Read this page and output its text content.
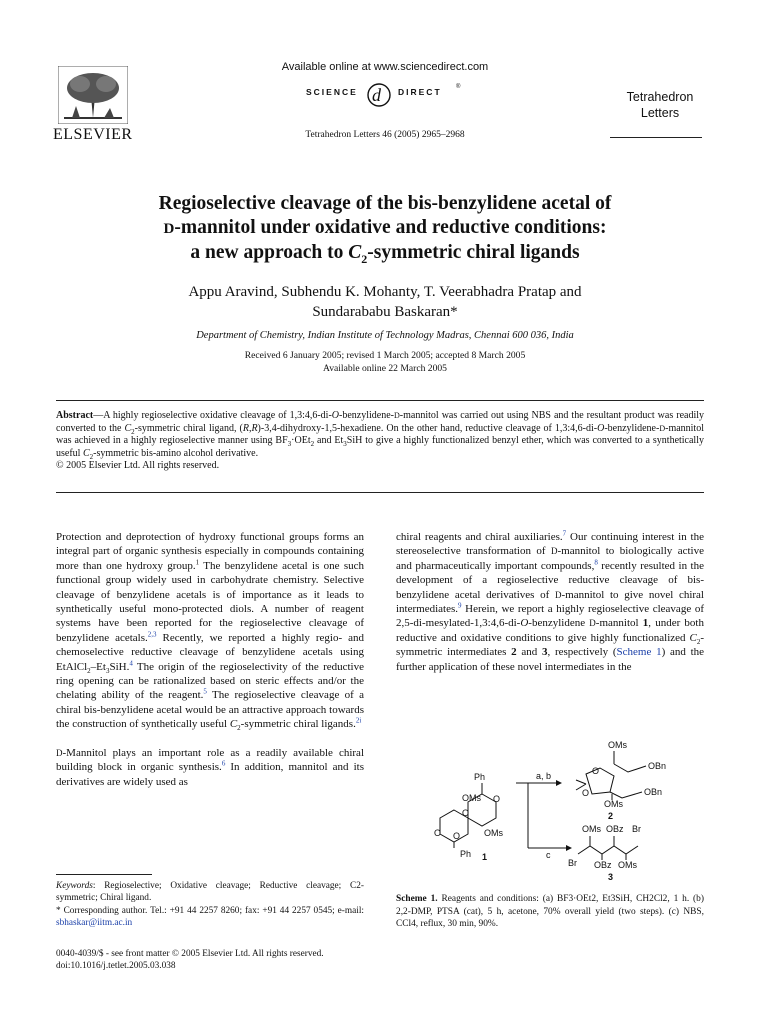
ELSEVIER
Available online at www.sciencedirect.com
SCIENCE d DIRECT ®
Tetrahedron Letters 46 (2005) 2965–2968
Tetrahedron
Letters
Regioselective cleavage of the bis-benzylidene acetal of
D-mannitol under oxidative and reductive conditions:
a new approach to $C_2$-symmetric chiral ligands
Appu Aravind, Subhendu K. Mohanty, T. Veerabhadra Pratap and
Sundarababu Baskaran*
Department of Chemistry, Indian Institute of Technology Madras, Chennai 600 036, India
Received 6 January 2005; revised 1 March 2005; accepted 8 March 2005
Available online 22 March 2005
Abstract—A highly regioselective oxidative cleavage of 1,3:4,6-di-O-benzylidene-D-mannitol was carried out using NBS and the resultant product was readily converted to the $C_2$-symmetric chiral ligand, (R,R)-3,4-dihydroxy-1,5-hexadiene. On the other hand, reductive cleavage of 1,3:4,6-di-O-benzylidene-D-mannitol was achieved in a highly regioselective manner using $BF_3\cdot OEt_2$ and $Et_3SiH$ to give a highly functionalized benzyl ether, which was converted to a synthetically useful $C_2$-symmetric bis-amino alcohol derivative.
© 2005 Elsevier Ltd. All rights reserved.

Protection and deprotection of hydroxy functional groups forms an integral part of organic synthesis especially in compounds containing more than one hydroxy group.$^1$ The benzylidene acetal is one such functional group widely used in carbohydrate chemistry. Selective cleavage of benzylidene acetals is of importance as it leads to synthetically useful mono-protected diols. A number of reagent systems have been reported for the regioselective cleavage of benzylidene acetals.$^{2,3}$ Recently, we reported a highly regio- and chemoselective reductive cleavage of benzylidene acetals using $EtAlCl_2-Et_3SiH.^4$ The origin of the regioselectivity of the reductive ring opening can be rationalized based on steric effects and/or the chelating ability of the reagent.$^5$ The regioselective cleavage of a chiral bis-benzylidene acetal would be an attractive approach towards the construction of synthetically useful $C_2$-symmetric chiral ligands.$^{2i}$

D-Mannitol plays an important role as a readily available chiral building block in organic synthesis.$^6$ In addition, mannitol and its derivatives are widely used as

chiral reagents and chiral auxiliaries.$^7$ Our continuing interest in the stereoselective transformation of D-mannitol to biologically active and pharmaceutically important compounds,$^8$ recently resulted in the development of a regioselective reductive cleavage of bis-benzylidene acetal derivatives of D-mannitol to give novel chiral intermediates.$^9$ Herein, we report a highly regioselective cleavage of 2,5-di-mesylated-1,3:4,6-di-O-benzylidene D-mannitol 1, under both reductive and oxidative conditions to give highly functionalized $C_2$-symmetric intermediates 2 and 3, respectively (Scheme 1) and the further application of these novel intermediates in the

Ph
O
O
OMs
O
O
Ph
OMs
1
a, b
c
OMs
OBn
O
O	OBn
OMs
2
OMs OBz Br
Br OBz OMs
3
Scheme 1. Reagents and conditions: (a) BF3·OEt2, Et3SiH, CH2Cl2, 1 h. (b) 2,2-DMP, PTSA (cat), 5 h, acetone, 70% overall yield (two steps). (c) NBS, CCl4, reflux, 30 min, 90%.
Keywords: Regioselective; Oxidative cleavage; Reductive cleavage; C2-symmetric; Chiral ligand.
* Corresponding author. Tel.: +91 44 2257 8260; fax: +91 44 2257 0545; e-mail: sbhaskar@iitm.ac.in
0040-4039/$ - see front matter © 2005 Elsevier Ltd. All rights reserved.
doi:10.1016/j.tetlet.2005.03.038
